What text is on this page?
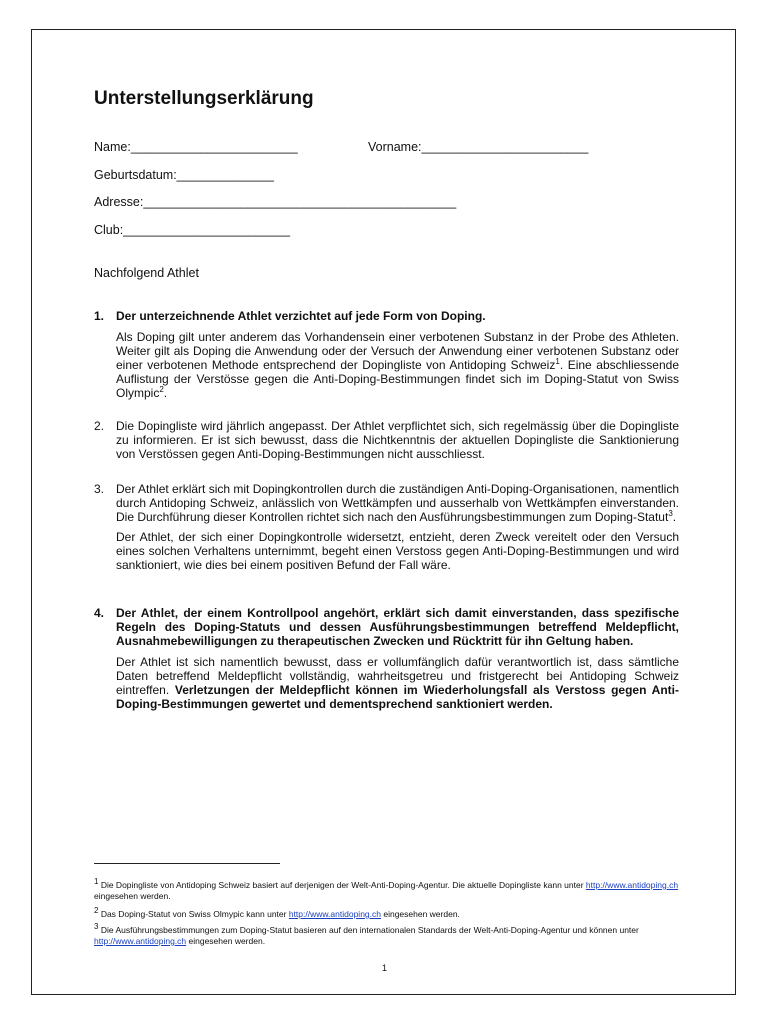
Unterstellungserklärung
Name:________________________	Vorname:________________________
Geburtsdatum:______________
Adresse:_____________________________________________
Club:________________________

Nachfolgend Athlet

1. Der unterzeichnende Athlet verzichtet auf jede Form von Doping.

Als Doping gilt unter anderem das Vorhandensein einer verbotenen Substanz in der Probe des Athleten. Weiter gilt als Doping die Anwendung oder der Versuch der Anwendung einer verbotenen Substanz oder einer verbotenen Methode entsprechend der Dopingliste von Antidoping Schweiz$^1$. Eine abschliessende Auflistung der Verstösse gegen die Anti-Doping-Bestimmungen findet sich im Doping-Statut von Swiss Olympic$^2$.

2. Die Dopingliste wird jährlich angepasst. Der Athlet verpflichtet sich, sich regelmässig über die Dopingliste zu informieren. Er ist sich bewusst, dass die Nichtkenntnis der aktuellen Dopingliste die Sanktionierung von Verstössen gegen Anti-Doping-Bestimmungen nicht ausschliesst.

3. Der Athlet erklärt sich mit Dopingkontrollen durch die zuständigen Anti-Doping-Organisationen, namentlich durch Antidoping Schweiz, anlässlich von Wettkämpfen und ausserhalb von Wettkämpfen einverstanden. Die Durchführung dieser Kontrollen richtet sich nach den Ausführungsbestimmungen zum Doping-Statut$^3$.

Der Athlet, der sich einer Dopingkontrolle widersetzt, entzieht, deren Zweck vereitelt oder den Versuch eines solchen Verhaltens unternimmt, begeht einen Verstoss gegen Anti-Doping-Bestimmungen und wird sanktioniert, wie dies bei einem positiven Befund der Fall wäre.

4. Der Athlet, der einem Kontrollpool angehört, erklärt sich damit einverstanden, dass spezifische Regeln des Doping-Statuts und dessen Ausführungsbestimmungen betreffend Meldepflicht, Ausnahmebewilligungen zu therapeutischen Zwecken und Rücktritt für ihn Geltung haben.

Der Athlet ist sich namentlich bewusst, dass er vollumfänglich dafür verantwortlich ist, dass sämtliche Daten betreffend Meldepflicht vollständig, wahrheitsgetreu und fristgerecht bei Antidoping Schweiz eintreffen. Verletzungen der Meldepflicht können im Wiederholungsfall als Verstoss gegen Anti-Doping-Bestimmungen gewertet und dementsprechend sanktioniert werden.

$^1$ Die Dopingliste von Antidoping Schweiz basiert auf derjenigen der Welt-Anti-Doping-Agentur. Die aktuelle Dopingliste kann unter http://www.antidoping.ch eingesehen werden.

$^2$ Das Doping-Statut von Swiss Olmypic kann unter http://www.antidoping.ch eingesehen werden.

$^3$ Die Ausführungsbestimmungen zum Doping-Statut basieren auf den internationalen Standards der Welt-Anti-Doping-Agentur und können unter http://www.antidoping.ch eingesehen werden.

1
